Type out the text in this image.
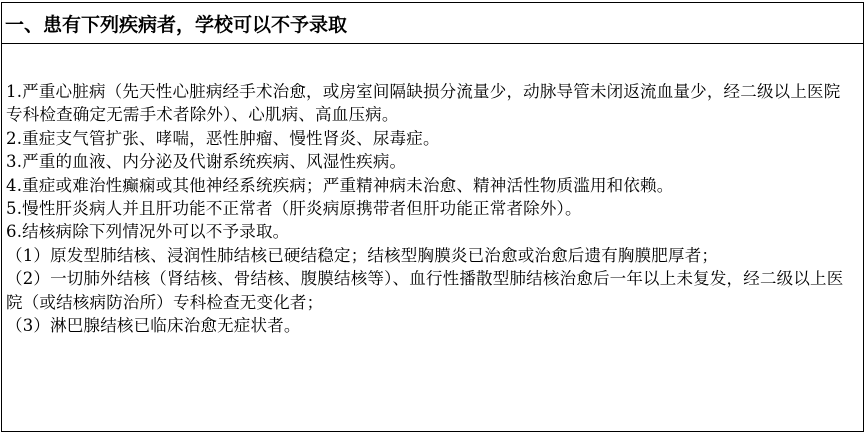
一、患有下列疾病者，学校可以不予录取
1.严重心脏病（先天性心脏病经手术治愈，或房室间隔缺损分流量少，动脉导管未闭返流血量少，经二级以上医院专科检查确定无需手术者除外）、心肌病、高血压病。
2.重症支气管扩张、哮喘，恶性肿瘤、慢性肾炎、尿毒症。
3.严重的血液、内分泌及代谢系统疾病、风湿性疾病。
4.重症或难治性癫痫或其他神经系统疾病；严重精神病未治愈、精神活性物质滥用和依赖。
5.慢性肝炎病人并且肝功能不正常者（肝炎病原携带者但肝功能正常者除外）。
6.结核病除下列情况外可以不予录取。
（1）原发型肺结核、浸润性肺结核已硬结稳定；结核型胸膜炎已治愈或治愈后遗有胸膜肥厚者；
（2）一切肺外结核（肾结核、骨结核、腹膜结核等）、血行性播散型肺结核治愈后一年以上未复发，经二级以上医院（或结核病防治所）专科检查无变化者；
（3）淋巴腺结核已临床治愈无症状者。
